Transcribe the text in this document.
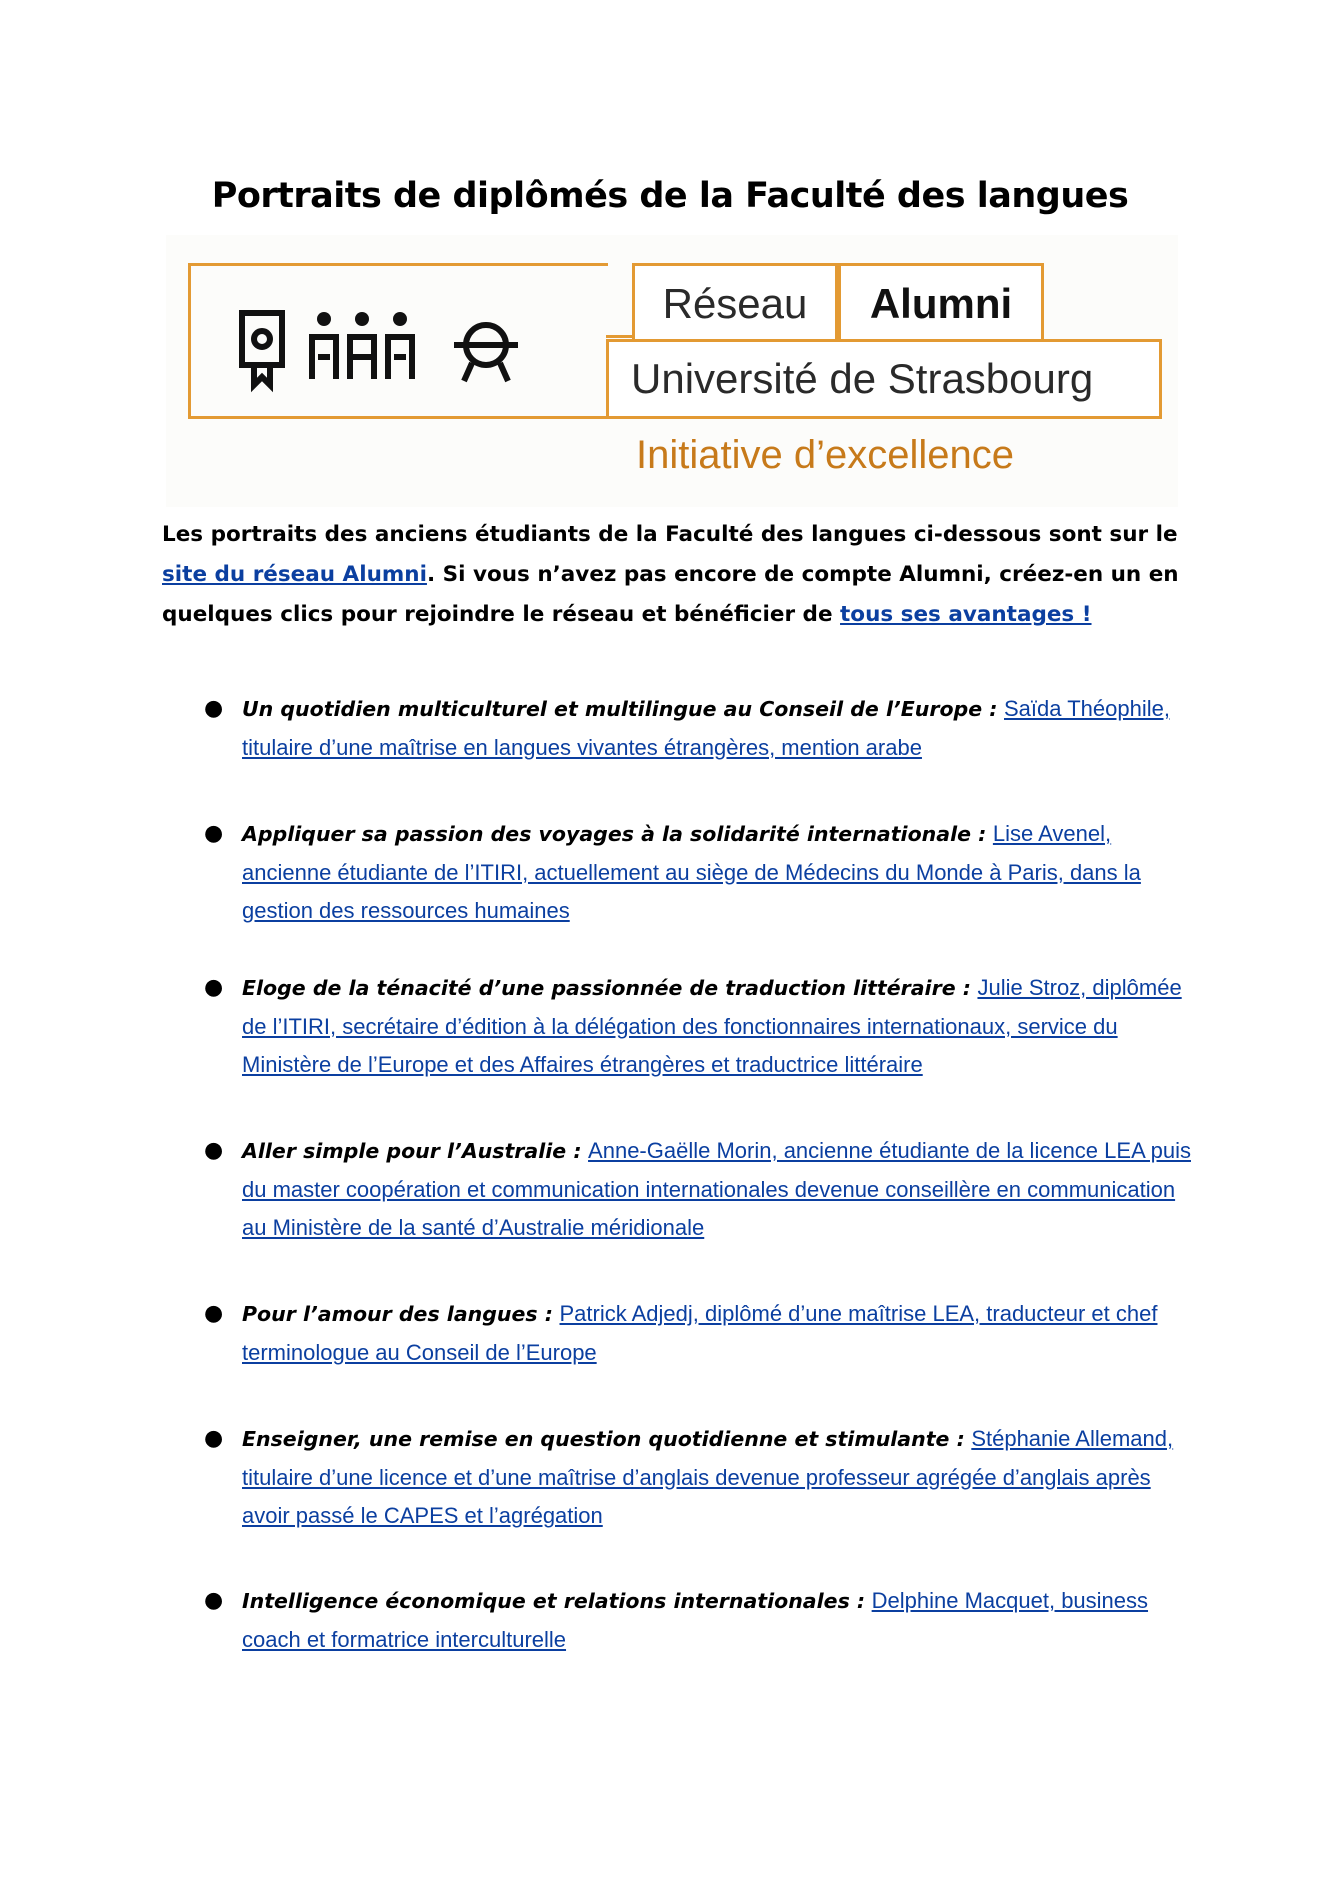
Portraits de diplômés de la Faculté des langues
Réseau	Alumni
Université de Strasbourg
Initiative d’excellence

Les portraits des anciens étudiants de la Faculté des langues ci-dessous sont sur le site du réseau Alumni. Si vous n’avez pas encore de compte Alumni, créez-en un en quelques clics pour rejoindre le réseau et bénéficier de tous ses avantages !

● Un quotidien multiculturel et multilingue au Conseil de l’Europe : Saïda Théophile, titulaire d’une maîtrise en langues vivantes étrangères, mention arabe
● Appliquer sa passion des voyages à la solidarité internationale : Lise Avenel, ancienne étudiante de l’ITIRI, actuellement au siège de Médecins du Monde à Paris, dans la gestion des ressources humaines
● Eloge de la ténacité d’une passionnée de traduction littéraire : Julie Stroz, diplômée de l’ITIRI, secrétaire d’édition à la délégation des fonctionnaires internationaux, service du Ministère de l’Europe et des Affaires étrangères et traductrice littéraire
● Aller simple pour l’Australie : Anne-Gaëlle Morin, ancienne étudiante de la licence LEA puis du master coopération et communication internationales devenue conseillère en communication au Ministère de la santé d’Australie méridionale
● Pour l’amour des langues : Patrick Adjedj, diplômé d’une maîtrise LEA, traducteur et chef terminologue au Conseil de l’Europe
● Enseigner, une remise en question quotidienne et stimulante : Stéphanie Allemand, titulaire d’une licence et d’une maîtrise d’anglais devenue professeur agrégée d’anglais après avoir passé le CAPES et l’agrégation
● Intelligence économique et relations internationales : Delphine Macquet, business coach et formatrice interculturelle
